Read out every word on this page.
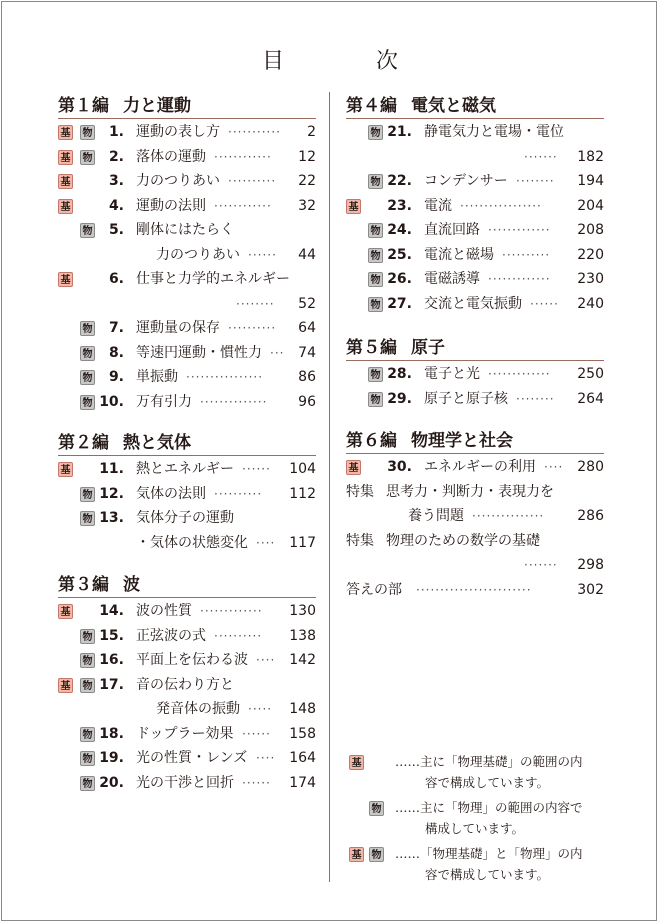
目	次
第１編 力と運動
基 物	1. 運動の表し方 ··········· 2
基 物	2. 落体の運動 ············ 12
基	3. 力のつりあい ·········· 22
基	4. 運動の法則 ············ 32
物	5. 剛体にはたらく
力のつりあい ······ 44
基	6. 仕事と力学的エネルギー
········ 52
物	7. 運動量の保存 ·········· 64
物	8. 等速円運動・慣性力 ··· 74
物	9. 単振動 ················	86
物 10. 万有引力 ·············· 96
第２編 熱と気体
基	11. 熱とエネルギー ······ 104
物 12. 気体の法則 ·········· 112
物 13. 気体分子の運動
・気体の状態変化 ···· 117
第３編 波
基	14. 波の性質 ············· 130
物 15. 正弦波の式 ·········· 138
物 16. 平面上を伝わる波 ···· 142
基 物 17. 音の伝わり方と
発音体の振動 ····· 148
物 18. ドップラー効果 ······ 158
物 19. 光の性質・レンズ ···· 164
物 20. 光の干渉と回折 ······ 174
第４編 電気と磁気
物 21. 静電気力と電場・電位
······· 182
物 22. コンデンサー ········ 194
基	23. 電流 ·················	204
物 24. 直流回路 ············· 208
物 25. 電流と磁場 ·········· 220
物 26. 電磁誘導 ············· 230
物 27. 交流と電気振動 ······ 240
第５編 原子
物 28. 電子と光 ············· 250
物 29. 原子と原子核 ········ 264
第６編 物理学と社会
基	30. エネルギーの利用 ···· 280
特集 思考力・判断力・表現力を
養う問題 ··············· 286
特集 物理のための数学の基礎
······· 298
答えの部 ························	302
基	……主に「物理基礎」の範囲の内
容で構成しています。
物 ……主に「物理」の範囲の内容で
構成しています。
基 物 ……「物理基礎」と「物理」の内
容で構成しています。
